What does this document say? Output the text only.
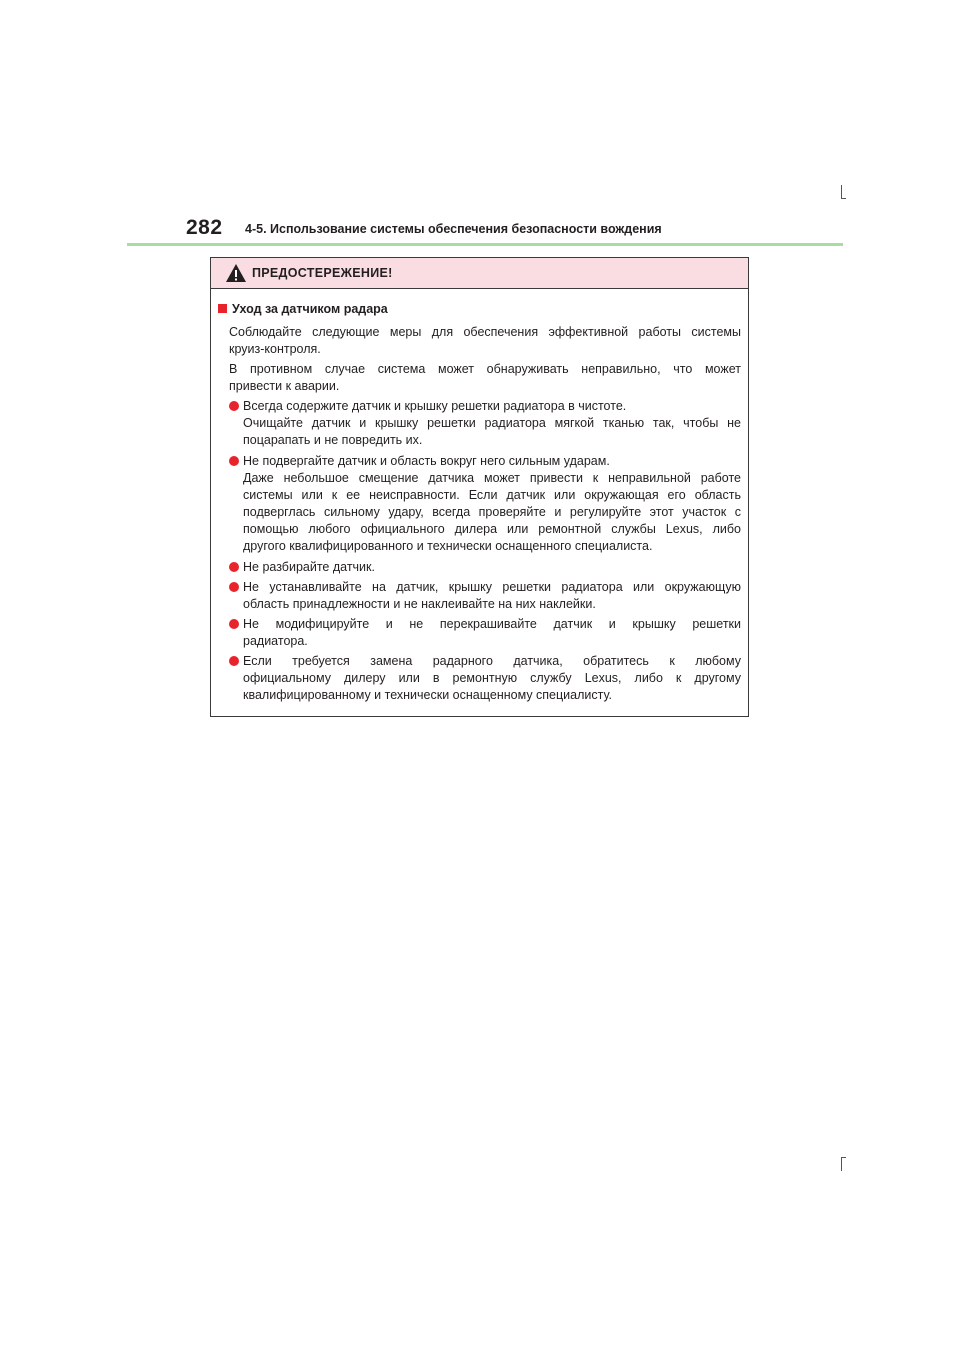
282 4-5. Использование системы обеспечения безопасности вождения
ПРЕДОСТЕРЕЖЕНИЕ!
Уход за датчиком радара
Соблюдайте следующие меры для обеспечения эффективной работы системы
круиз-контроля.
В противном случае система может обнаруживать неправильно, что может
привести к аварии.
Всегда содержите датчик и крышку решетки радиатора в чистоте.
Очищайте датчик и крышку решетки радиатора мягкой тканью так, чтобы не
поцарапать и не повредить их.
Не подвергайте датчик и область вокруг него сильным ударам.
Даже небольшое смещение датчика может привести к неправильной работе
системы или к ее неисправности. Если датчик или окружающая его область
подверглась сильному удару, всегда проверяйте и регулируйте этот участок с
помощью любого официального дилера или ремонтной службы Lexus, либо
другого квалифицированного и технически оснащенного специалиста.
Не разбирайте датчик.
Не устанавливайте на датчик, крышку решетки радиатора или окружающую
область принадлежности и не наклеивайте на них наклейки.
Не модифицируйте и не перекрашивайте датчик и крышку решетки
радиатора.
Если требуется замена радарного датчика, обратитесь к любому
официальному дилеру или в ремонтную службу Lexus, либо к другому
квалифицированному и технически оснащенному специалисту.
